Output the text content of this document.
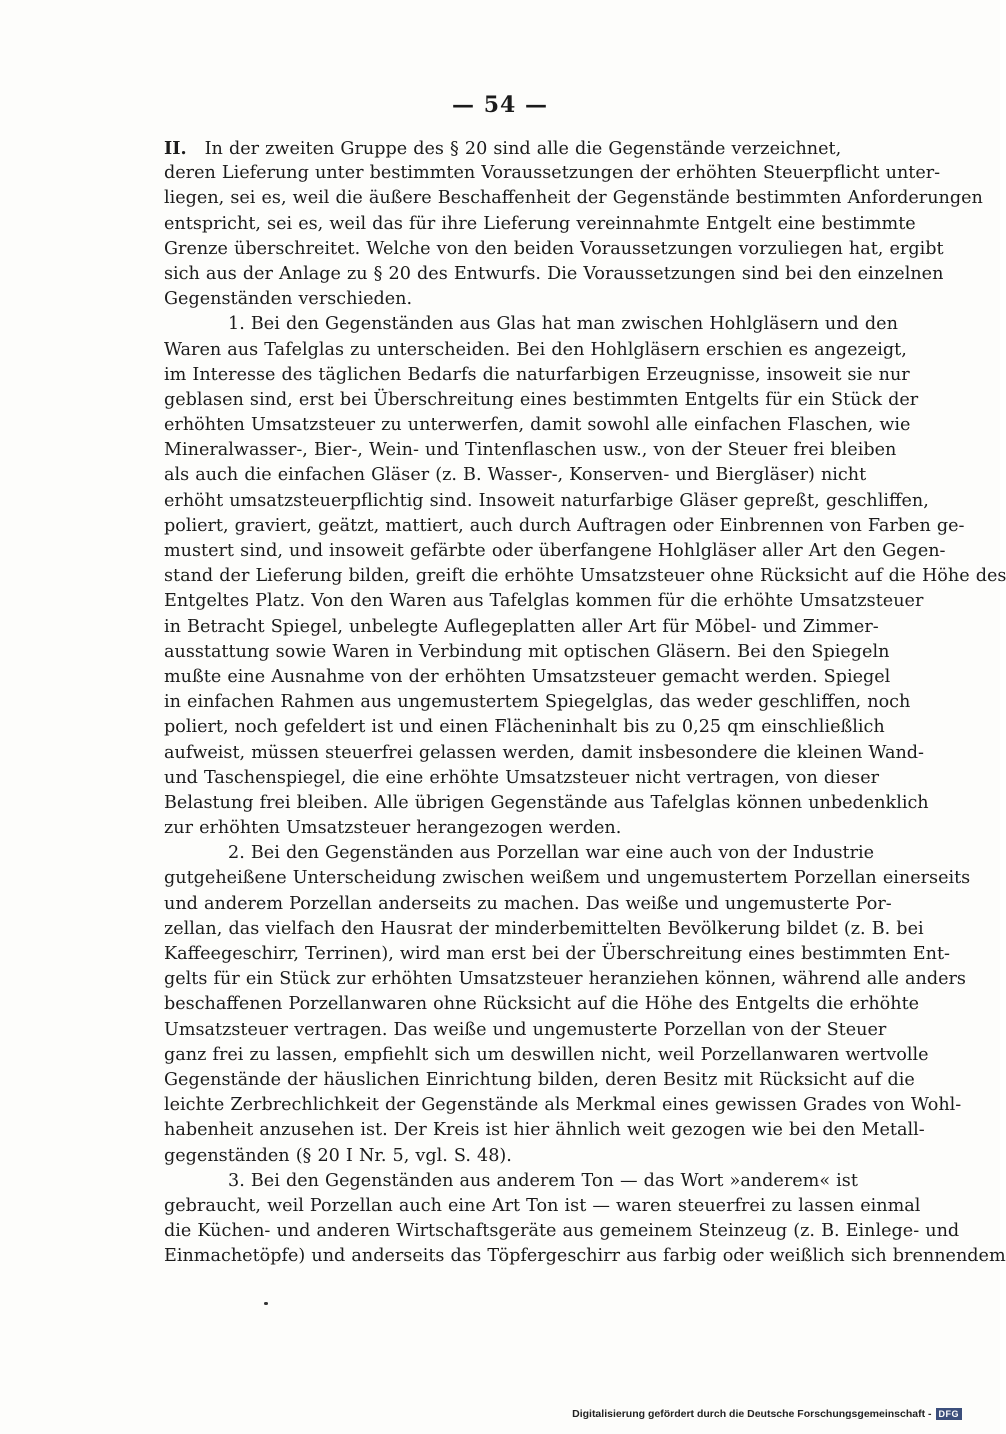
— 54 —
II. In der zweiten Gruppe des § 20 sind alle die Gegenstände verzeichnet,
deren Lieferung unter bestimmten Voraussetzungen der erhöhten Steuerpflicht unter-
liegen, sei es, weil die äußere Beschaffenheit der Gegenstände bestimmten Anforderungen
entspricht, sei es, weil das für ihre Lieferung vereinnahmte Entgelt eine bestimmte
Grenze überschreitet. Welche von den beiden Voraussetzungen vorzuliegen hat, ergibt
sich aus der Anlage zu § 20 des Entwurfs. Die Voraussetzungen sind bei den einzelnen
Gegenständen verschieden.
1. Bei den Gegenständen aus Glas hat man zwischen Hohlgläsern und den
Waren aus Tafelglas zu unterscheiden. Bei den Hohlgläsern erschien es angezeigt,
im Interesse des täglichen Bedarfs die naturfarbigen Erzeugnisse, insoweit sie nur
geblasen sind, erst bei Überschreitung eines bestimmten Entgelts für ein Stück der
erhöhten Umsatzsteuer zu unterwerfen, damit sowohl alle einfachen Flaschen, wie
Mineralwasser-, Bier-, Wein- und Tintenflaschen usw., von der Steuer frei bleiben
als auch die einfachen Gläser (z. B. Wasser-, Konserven- und Biergläser) nicht
erhöht umsatzsteuerpflichtig sind. Insoweit naturfarbige Gläser gepreßt, geschliffen,
poliert, graviert, geätzt, mattiert, auch durch Auftragen oder Einbrennen von Farben ge-
mustert sind, und insoweit gefärbte oder überfangene Hohlgläser aller Art den Gegen-
stand der Lieferung bilden, greift die erhöhte Umsatzsteuer ohne Rücksicht auf die Höhe des
Entgeltes Platz. Von den Waren aus Tafelglas kommen für die erhöhte Umsatzsteuer
in Betracht Spiegel, unbelegte Auflegeplatten aller Art für Möbel- und Zimmer-
ausstattung sowie Waren in Verbindung mit optischen Gläsern. Bei den Spiegeln
mußte eine Ausnahme von der erhöhten Umsatzsteuer gemacht werden. Spiegel
in einfachen Rahmen aus ungemustertem Spiegelglas, das weder geschliffen, noch
poliert, noch gefeldert ist und einen Flächeninhalt bis zu 0,25 qm einschließlich
aufweist, müssen steuerfrei gelassen werden, damit insbesondere die kleinen Wand-
und Taschenspiegel, die eine erhöhte Umsatzsteuer nicht vertragen, von dieser
Belastung frei bleiben. Alle übrigen Gegenstände aus Tafelglas können unbedenklich
zur erhöhten Umsatzsteuer herangezogen werden.
2. Bei den Gegenständen aus Porzellan war eine auch von der Industrie
gutgeheißene Unterscheidung zwischen weißem und ungemustertem Porzellan einerseits
und anderem Porzellan anderseits zu machen. Das weiße und ungemusterte Por-
zellan, das vielfach den Hausrat der minderbemittelten Bevölkerung bildet (z. B. bei
Kaffeegeschirr, Terrinen), wird man erst bei der Überschreitung eines bestimmten Ent-
gelts für ein Stück zur erhöhten Umsatzsteuer heranziehen können, während alle anders
beschaffenen Porzellanwaren ohne Rücksicht auf die Höhe des Entgelts die erhöhte
Umsatzsteuer vertragen. Das weiße und ungemusterte Porzellan von der Steuer
ganz frei zu lassen, empfiehlt sich um deswillen nicht, weil Porzellanwaren wertvolle
Gegenstände der häuslichen Einrichtung bilden, deren Besitz mit Rücksicht auf die
leichte Zerbrechlichkeit der Gegenstände als Merkmal eines gewissen Grades von Wohl-
habenheit anzusehen ist. Der Kreis ist hier ähnlich weit gezogen wie bei den Metall-
gegenständen (§ 20 I Nr. 5, vgl. S. 48).
3. Bei den Gegenständen aus anderem Ton — das Wort »anderem« ist
gebraucht, weil Porzellan auch eine Art Ton ist — waren steuerfrei zu lassen einmal
die Küchen- und anderen Wirtschaftsgeräte aus gemeinem Steinzeug (z. B. Einlege- und
Einmachetöpfe) und anderseits das Töpfergeschirr aus farbig oder weißlich sich brennendem
Digitalisierung gefördert durch die Deutsche Forschungsgemeinschaft - DFG
